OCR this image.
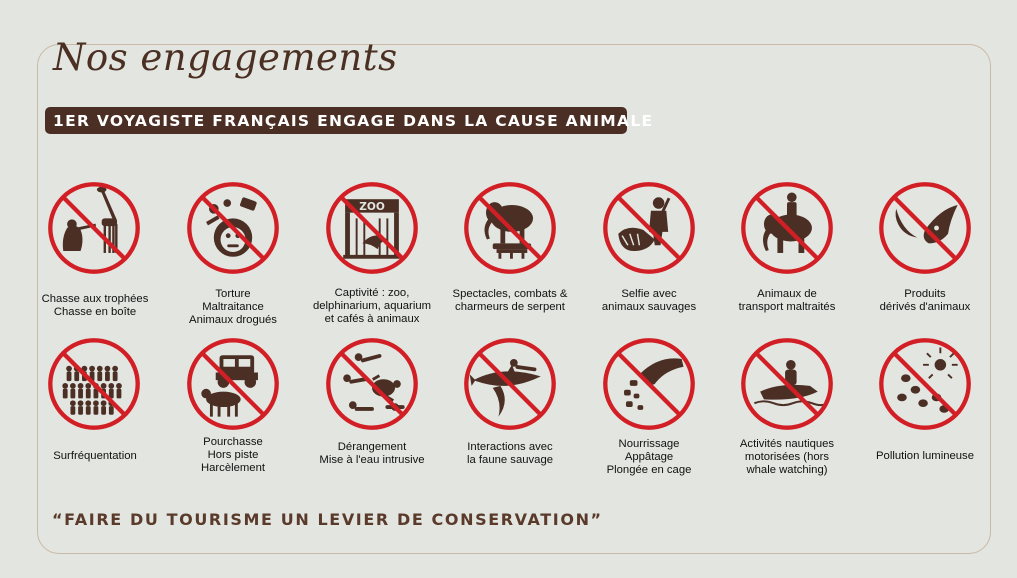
Nos engagements
1ER VOYAGISTE FRANÇAIS ENGAGE DANS LA CAUSE ANIMALE
Chasse aux trophées
Chasse en boîte
Torture
Maltraitance
Animaux drogués
ZOO
Captivité : zoo,
delphinarium, aquarium
et cafés à animaux
Spectacles, combats &
charmeurs de serpent
Selfie avec
animaux sauvages
Animaux de
transport maltraités
Produits
dérivés d'animaux
Surfréquentation
Pourchasse
Hors piste
Harcèlement
Dérangement
Mise à l'eau intrusive
Interactions avec
la faune sauvage
Nourrissage
Appâtage
Plongée en cage
Activités nautiques
motorisées (hors
whale watching)
Pollution lumineuse
“FAIRE DU TOURISME UN LEVIER DE CONSERVATION”
